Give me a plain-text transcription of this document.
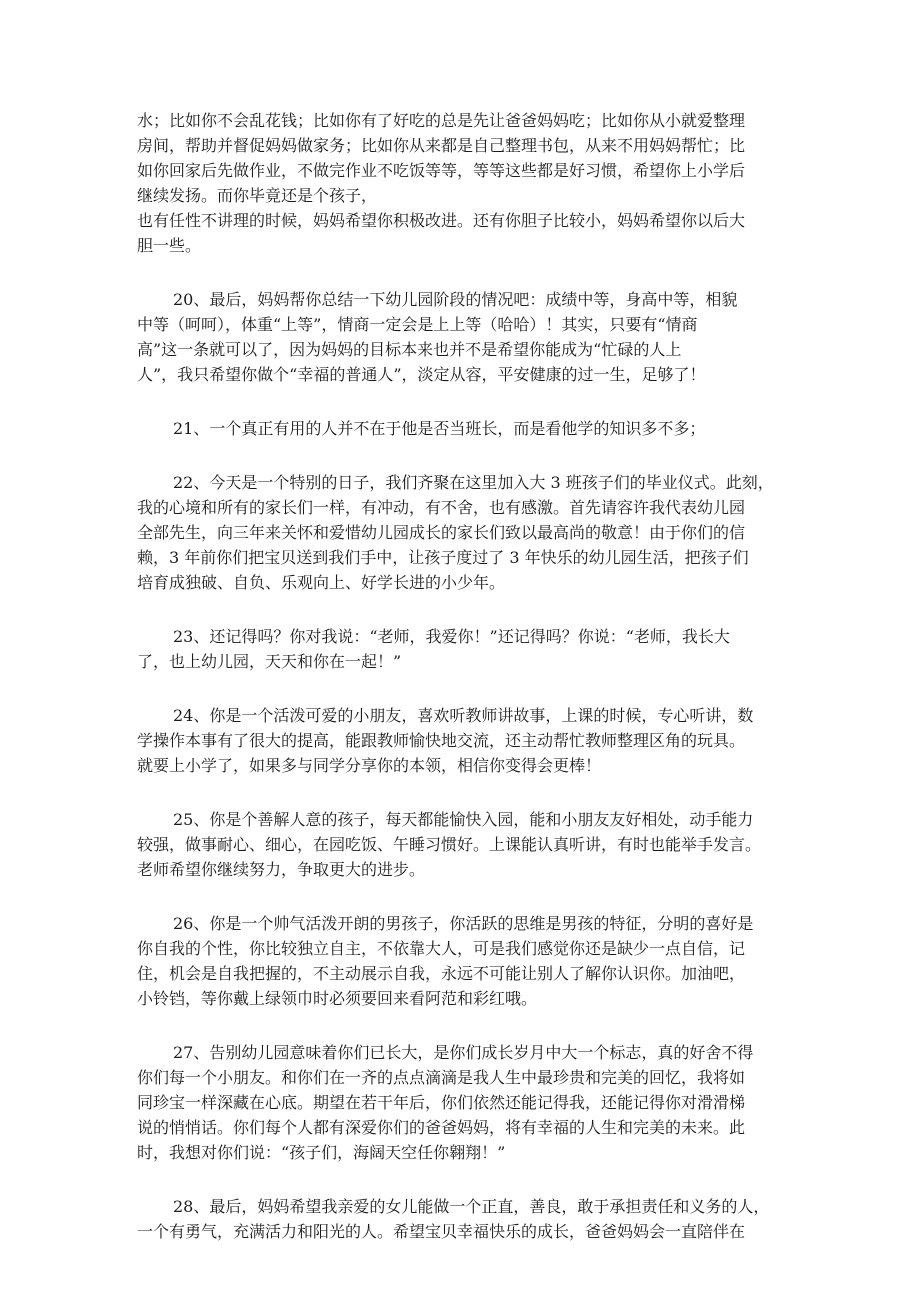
水；比如你不会乱花钱；比如你有了好吃的总是先让爸爸妈妈吃；比如你从小就爱整理
房间，帮助并督促妈妈做家务；比如你从来都是自己整理书包，从来不用妈妈帮忙；比
如你回家后先做作业，不做完作业不吃饭等等，等等这些都是好习惯，希望你上小学后
继续发扬。而你毕竟还是个孩子，
也有任性不讲理的时候，妈妈希望你积极改进。还有你胆子比较小，妈妈希望你以后大
胆一些。
20、最后，妈妈帮你总结一下幼儿园阶段的情况吧：成绩中等，身高中等，相貌
中等（呵呵），体重“上等”，情商一定会是上上等（哈哈）！其实，只要有“情商
高”这一条就可以了，因为妈妈的目标本来也并不是希望你能成为“忙碌的人上
人”，我只希望你做个“幸福的普通人”，淡定从容，平安健康的过一生，足够了！
21、一个真正有用的人并不在于他是否当班长，而是看他学的知识多不多；
22、今天是一个特别的日子，我们齐聚在这里加入大 3 班孩子们的毕业仪式。此刻，
我的心境和所有的家长们一样，有冲动，有不舍，也有感激。首先请容许我代表幼儿园
全部先生，向三年来关怀和爱惜幼儿园成长的家长们致以最高尚的敬意！由于你们的信
赖，3 年前你们把宝贝送到我们手中，让孩子度过了 3 年快乐的幼儿园生活，把孩子们
培育成独破、自负、乐观向上、好学长进的小少年。
23、还记得吗？你对我说：“老师，我爱你！”还记得吗？你说：“老师，我长大
了，也上幼儿园，天天和你在一起！”
24、你是一个活泼可爱的小朋友，喜欢听教师讲故事，上课的时候，专心听讲，数
学操作本事有了很大的提高，能跟教师愉快地交流，还主动帮忙教师整理区角的玩具。
就要上小学了，如果多与同学分享你的本领，相信你变得会更棒！
25、你是个善解人意的孩子，每天都能愉快入园，能和小朋友友好相处，动手能力
较强，做事耐心、细心，在园吃饭、午睡习惯好。上课能认真听讲，有时也能举手发言。
老师希望你继续努力，争取更大的进步。
26、你是一个帅气活泼开朗的男孩子，你活跃的思维是男孩的特征，分明的喜好是
你自我的个性，你比较独立自主，不依靠大人，可是我们感觉你还是缺少一点自信，记
住，机会是自我把握的，不主动展示自我，永远不可能让别人了解你认识你。加油吧，
小铃铛，等你戴上绿领巾时必须要回来看阿范和彩红哦。
27、告别幼儿园意味着你们已长大，是你们成长岁月中大一个标志，真的好舍不得
你们每一个小朋友。和你们在一齐的点点滴滴是我人生中最珍贵和完美的回忆，我将如
同珍宝一样深藏在心底。期望在若干年后，你们依然还能记得我，还能记得你对滑滑梯
说的悄悄话。你们每个人都有深爱你们的爸爸妈妈，将有幸福的人生和完美的未来。此
时，我想对你们说：“孩子们，海阔天空任你翱翔！”
28、最后，妈妈希望我亲爱的女儿能做一个正直，善良，敢于承担责任和义务的人，
一个有勇气，充满活力和阳光的人。希望宝贝幸福快乐的成长，爸爸妈妈会一直陪伴在
